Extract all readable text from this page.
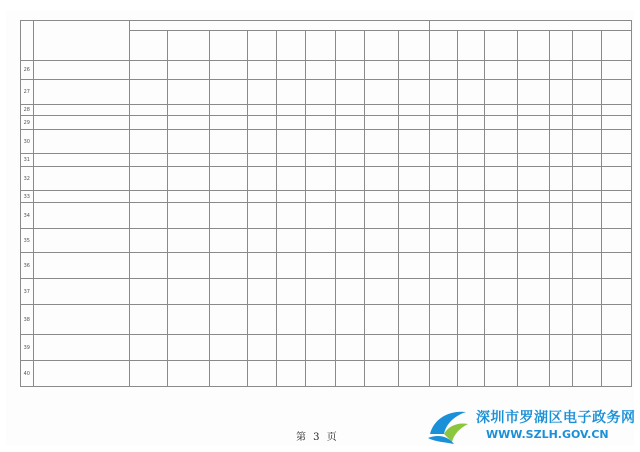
26																	
27																	
28																	
29																	
30																	
31																	
32																	
33																	
34																	
35																	
36																	
37																	
38																	
39																	
40																	
第 3 页
深圳市罗湖区电子政务网
WWW.SZLH.GOV.CN
